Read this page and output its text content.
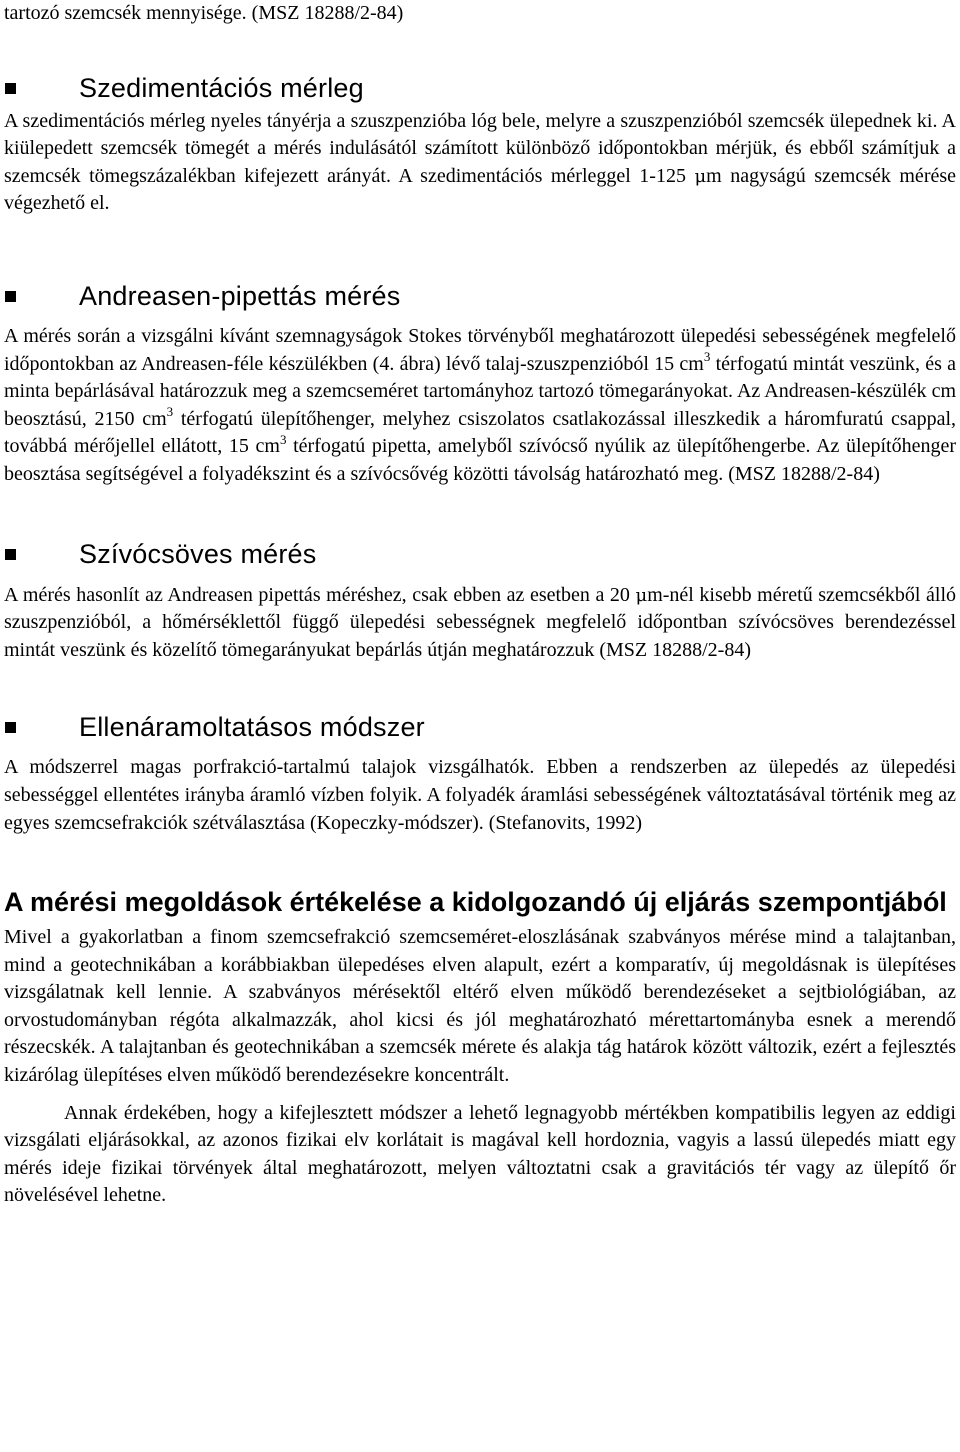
tartozó szemcsék mennyisége. (MSZ 18288/2-84)

Szedimentációs mérleg

A szedimentációs mérleg nyeles tányérja a szuszpenzióba lóg bele, melyre a szuszpenzióból szemcsék ülepednek ki. A kiülepedett szemcsék tömegét a mérés indulásától számított különböző időpontokban mérjük, és ebből számítjuk a szemcsék tömegszázalékban kifejezett arányát. A szedimentációs mérleggel 1-125 μm nagyságú szemcsék mérése végezhető el.

Andreasen-pipettás mérés

A mérés során a vizsgálni kívánt szemnagyságok Stokes törvényből meghatározott ülepedési sebességének megfelelő időpontokban az Andreasen-féle készülékben (4. ábra) lévő talaj-szuszpenzióból 15 $cm^3$ térfogatú mintát veszünk, és a minta bepárlásával határozzuk meg a szemcseméret tartományhoz tartozó tömegarányokat. Az Andreasen-készülék cm beosztású, 2150 $cm^3$ térfogatú ülepítőhenger, melyhez csiszolatos csatlakozással illeszkedik a háromfuratú csappal, továbbá mérőjellel ellátott, 15 $cm^3$ térfogatú pipetta, amelyből szívócső nyúlik az ülepítőhengerbe. Az ülepítőhenger beosztása segítségével a folyadékszint és a szívócsővég közötti távolság határozható meg. (MSZ 18288/2-84)

Szívócsöves mérés

A mérés hasonlít az Andreasen pipettás méréshez, csak ebben az esetben a 20 μm-nél kisebb méretű szemcsékből álló szuszpenzióból, a hőmérséklettől függő ülepedési sebességnek megfelelő időpontban szívócsöves berendezéssel mintát veszünk és közelítő tömegarányukat bepárlás útján meghatározzuk (MSZ 18288/2-84)

Ellenáramoltatásos módszer

A módszerrel magas porfrakció-tartalmú talajok vizsgálhatók. Ebben a rendszerben az ülepedés az ülepedési sebességgel ellentétes irányba áramló vízben folyik. A folyadék áramlási sebességének változtatásával történik meg az egyes szemcsefrakciók szétválasztása (Kopeczky-módszer). (Stefanovits, 1992)

A mérési megoldások értékelése a kidolgozandó új eljárás szempontjából

Mivel a gyakorlatban a finom szemcsefrakció szemcseméret-eloszlásának szabványos mérése mind a talajtanban, mind a geotechnikában a korábbiakban ülepedéses elven alapult, ezért a komparatív, új megoldásnak is ülepítéses vizsgálatnak kell lennie. A szabványos mérésektől eltérő elven működő berendezéseket a sejtbiológiában, az orvostudományban régóta alkalmazzák, ahol kicsi és jól meghatározható mérettartományba esnek a merendő részecskék. A talajtanban és geotechnikában a szemcsék mérete és alakja tág határok között változik, ezért a fejlesztés kizárólag ülepítéses elven működő berendezésekre koncentrált.

Annak érdekében, hogy a kifejlesztett módszer a lehető legnagyobb mértékben kompatibilis legyen az eddigi vizsgálati eljárásokkal, az azonos fizikai elv korlátait is magával kell hordoznia, vagyis a lassú ülepedés miatt egy mérés ideje fizikai törvények által meghatározott, melyen változtatni csak a gravitációs tér vagy az ülepítő őr növelésével lehetne.
